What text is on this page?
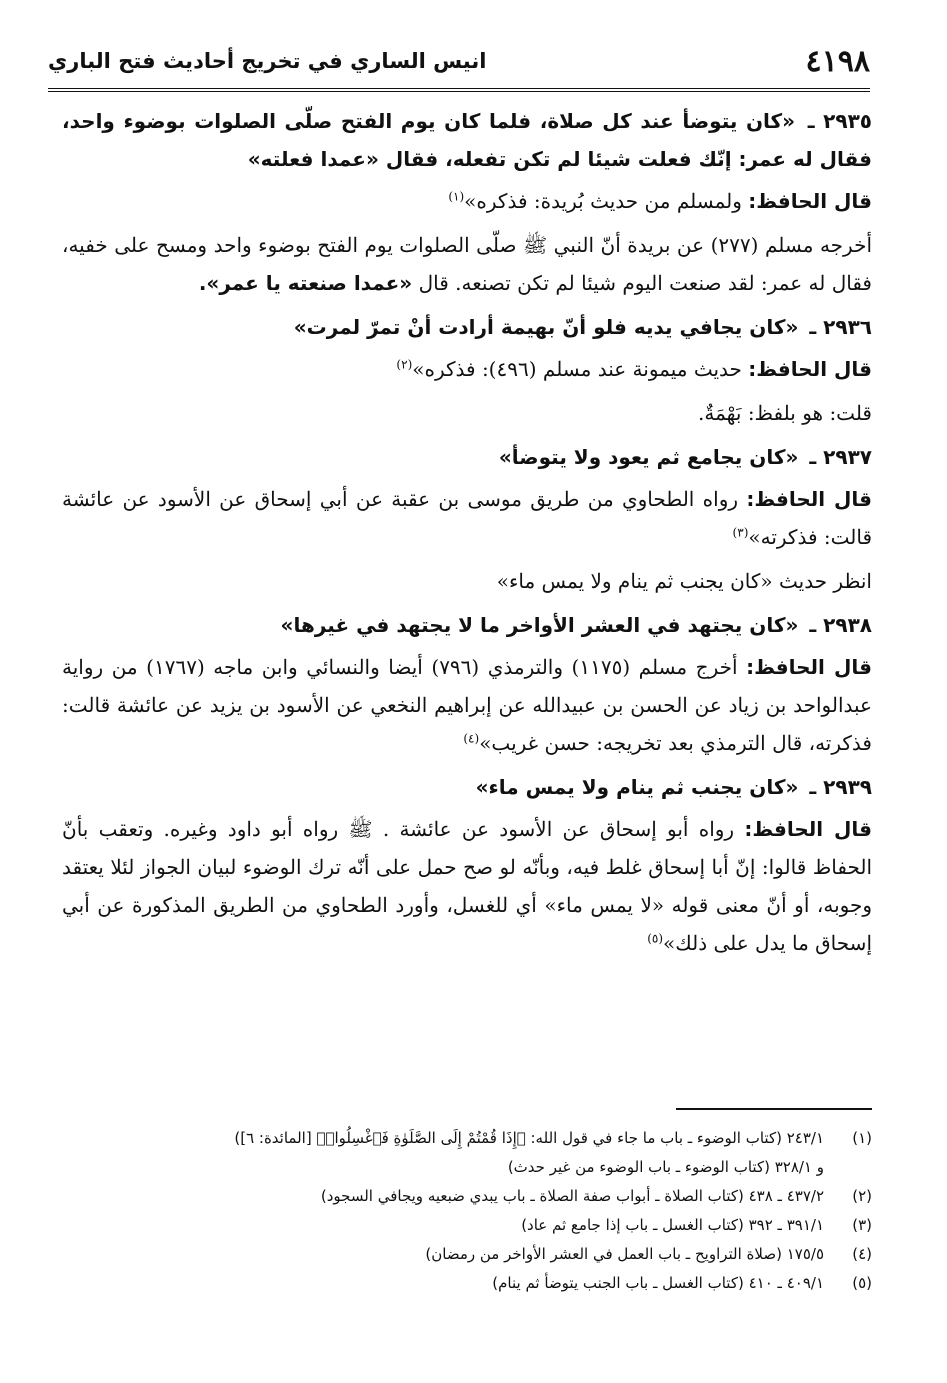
٤١٩٨
انيس الساري في تخريج أحاديث فتح الباري
٢٩٣٥ ـ «كان يتوضأ عند كل صلاة، فلما كان يوم الفتح صلّى الصلوات بوضوء واحد، فقال له عمر: إنّك فعلت شيئا لم تكن تفعله، فقال «عمدا فعلته»
قال الحافظ: ولمسلم من حديث بُريدة: فذكره»$^{(١)}$
أخرجه مسلم (٢٧٧) عن بريدة أنّ النبي ﷺ صلّى الصلوات يوم الفتح بوضوء واحد ومسح على خفيه، فقال له عمر: لقد صنعت اليوم شيئا لم تكن تصنعه. قال «عمدا صنعته يا عمر».
٢٩٣٦ ـ «كان يجافي يديه فلو أنّ بهيمة أرادت أنْ تمرّ لمرت»
قال الحافظ: حديث ميمونة عند مسلم (٤٩٦): فذكره»$^{(٢)}$
قلت: هو بلفظ: بَهْمَةٌ.
٢٩٣٧ ـ «كان يجامع ثم يعود ولا يتوضأ»
قال الحافظ: رواه الطحاوي من طريق موسى بن عقبة عن أبي إسحاق عن الأسود عن عائشة قالت: فذكرته»$^{(٣)}$
انظر حديث «كان يجنب ثم ينام ولا يمس ماء»
٢٩٣٨ ـ «كان يجتهد في العشر الأواخر ما لا يجتهد في غيرها»
قال الحافظ: أخرج مسلم (١١٧٥) والترمذي (٧٩٦) أيضا والنسائي وابن ماجه (١٧٦٧) من رواية عبدالواحد بن زياد عن الحسن بن عبيدالله عن إبراهيم النخعي عن الأسود بن يزيد عن عائشة قالت: فذكرته، قال الترمذي بعد تخريجه: حسن غريب»$^{(٤)}$
٢٩٣٩ ـ «كان يجنب ثم ينام ولا يمس ماء»
قال الحافظ: رواه أبو إسحاق عن الأسود عن عائشة . ﷺ رواه أبو داود وغيره. وتعقب بأنّ الحفاظ قالوا: إنّ أبا إسحاق غلط فيه، وبأنّه لو صح حمل على أنّه ترك الوضوء لبيان الجواز لئلا يعتقد وجوبه، أو أنّ معنى قوله «لا يمس ماء» أي للغسل، وأورد الطحاوي من الطريق المذكورة عن أبي إسحاق ما يدل على ذلك»$^{(٥)}$
(١)
٢٤٣/١ (كتاب الوضوء ـ باب ما جاء في قول الله: ﴿إِذَا قُمْتُمْ إِلَى الصَّلَوٰةِ فَٱغْسِلُوا۟﴾ [المائدة: ٦])
و ٣٢٨/١ (كتاب الوضوء ـ باب الوضوء من غير حدث)
(٢)
٤٣٧/٢ ـ ٤٣٨ (كتاب الصلاة ـ أبواب صفة الصلاة ـ باب يبدي ضبعيه ويجافي السجود)
(٣)
٣٩١/١ ـ ٣٩٢ (كتاب الغسل ـ باب إذا جامع ثم عاد)
(٤)
١٧٥/٥ (صلاة التراويح ـ باب العمل في العشر الأواخر من رمضان)
(٥)
٤٠٩/١ ـ ٤١٠ (كتاب الغسل ـ باب الجنب يتوضأ ثم ينام)
